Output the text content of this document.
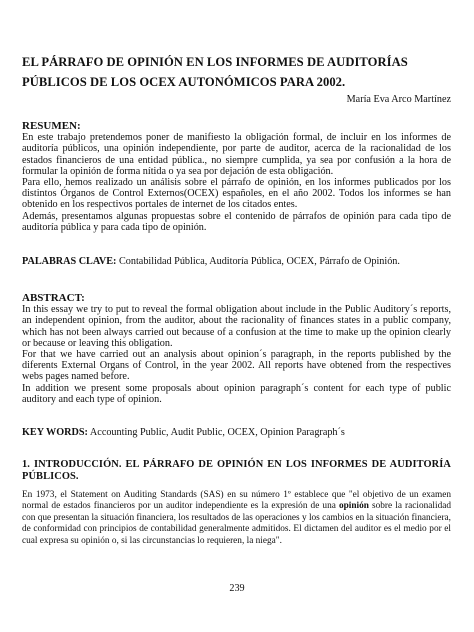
EL PÁRRAFO DE OPINIÓN EN LOS INFORMES DE AUDITORÍAS PÚBLICOS DE LOS OCEX AUTONÓMICOS PARA 2002.
María Eva Arco Martínez

RESUMEN:

En este trabajo pretendemos poner de manifiesto la obligación formal, de incluir en los informes de auditoría públicos, una opinión independiente, por parte de auditor, acerca de la racionalidad de los estados financieros de una entidad pública., no siempre cumplida, ya sea por confusión a la hora de formular la opinión de forma nítida o ya sea por dejación de esta obligación.

Para ello, hemos realizado un análisis sobre el párrafo de opinión, en los informes publicados por los distintos Órganos de Control Externos(OCEX) españoles, en el año 2002. Todos los informes se han obtenido en los respectivos portales de internet de los citados entes.

Además, presentamos algunas propuestas sobre el contenido de párrafos de opinión para cada tipo de auditoría pública y para cada tipo de opinión.

PALABRAS CLAVE: Contabilidad Pública, Auditoría Pública, OCEX, Párrafo de Opinión.

ABSTRACT:

In this essay we try to put to reveal the formal obligation about include in the Public Auditory´s reports, an independent opinion, from the auditor, about the racionality of finances states in a public company, which has not been always carried out because of a confusion at the time to make up the opinion clearly or because or leaving this obligation.

For that we have carried out an analysis about opinion´s paragraph, in the reports published by the diferents External Organs of Control, in the year 2002. All reports have obtened from the respectives webs pages named before.

In addition we present some proposals about opinion paragraph´s content for each type of public auditory and each type of opinion.

KEY WORDS: Accounting Public, Audit Public, OCEX, Opinion Paragraph´s

1. INTRODUCCIÓN. EL PÁRRAFO DE OPINIÓN EN LOS INFORMES DE AUDITORÍA PÚBLICOS.

En 1973, el Statement on Auditing Standards (SAS) en su número 1º establece que "el objetivo de un examen normal de estados financieros por un auditor independiente es la expresión de una opinión sobre la racionalidad con que presentan la situación financiera, los resultados de las operaciones y los cambios en la situación financiera, de conformidad con principios de contabilidad generalmente admitidos. El dictamen del auditor es el medio por el cual expresa su opinión o, si las circunstancias lo requieren, la niega".

239
